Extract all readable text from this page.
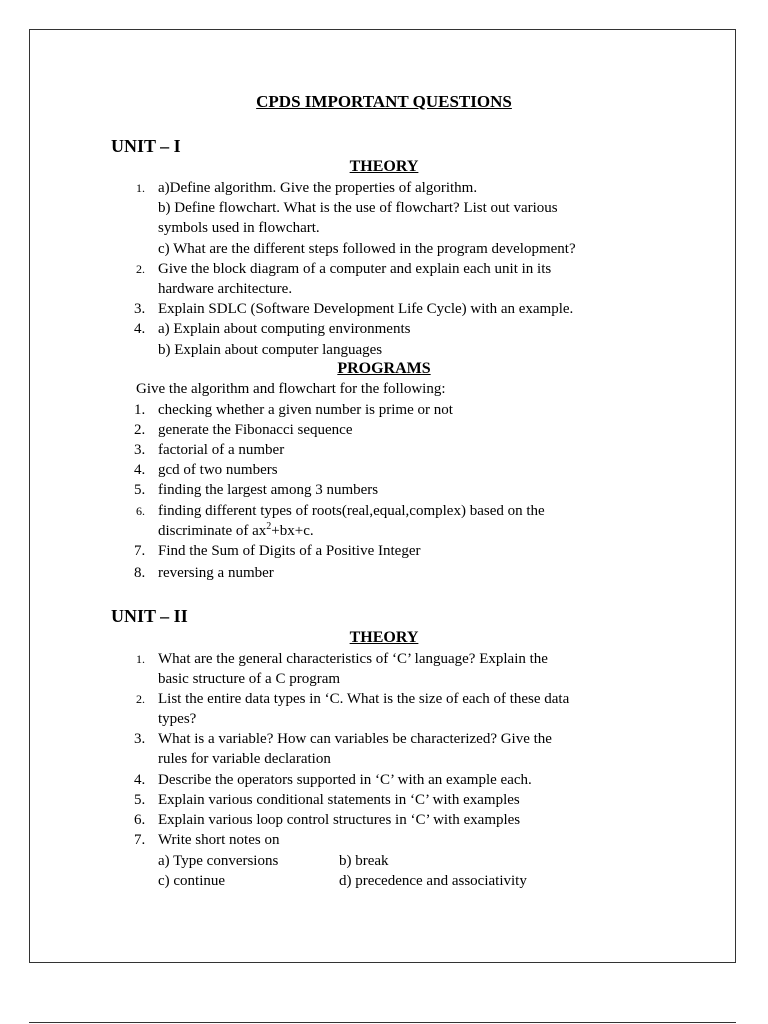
CPDS IMPORTANT QUESTIONS
UNIT – I
THEORY
1. a)Define algorithm. Give the properties of algorithm.
b) Define flowchart. What is the use of flowchart? List out various
symbols used in flowchart.
c) What are the different steps followed in the program development?
2. Give the block diagram of a computer and explain each unit in its
hardware architecture.
3. Explain SDLC (Software Development Life Cycle) with an example.
4. a) Explain about computing environments
b) Explain about computer languages
PROGRAMS
Give the algorithm and flowchart for the following:
1. checking whether a given number is prime or not
2. generate the Fibonacci sequence
3. factorial of a number
4. gcd of two numbers
5. finding the largest among 3 numbers
6. finding different types of roots(real,equal,complex) based on the
discriminate of $ax^2+bx+c$.
7. Find the Sum of Digits of a Positive Integer
8. reversing a number
UNIT – II
THEORY
1. What are the general characteristics of ‘C’ language? Explain the
basic structure of a C program
2. List the entire data types in ‘C. What is the size of each of these data
types?
3. What is a variable? How can variables be characterized? Give the
rules for variable declaration
4. Describe the operators supported in ‘C’ with an example each.
5. Explain various conditional statements in ‘C’ with examples
6. Explain various loop control structures in ‘C’ with examples
7. Write short notes on
a) Type conversions	b) break
c) continue	d) precedence and associativity
